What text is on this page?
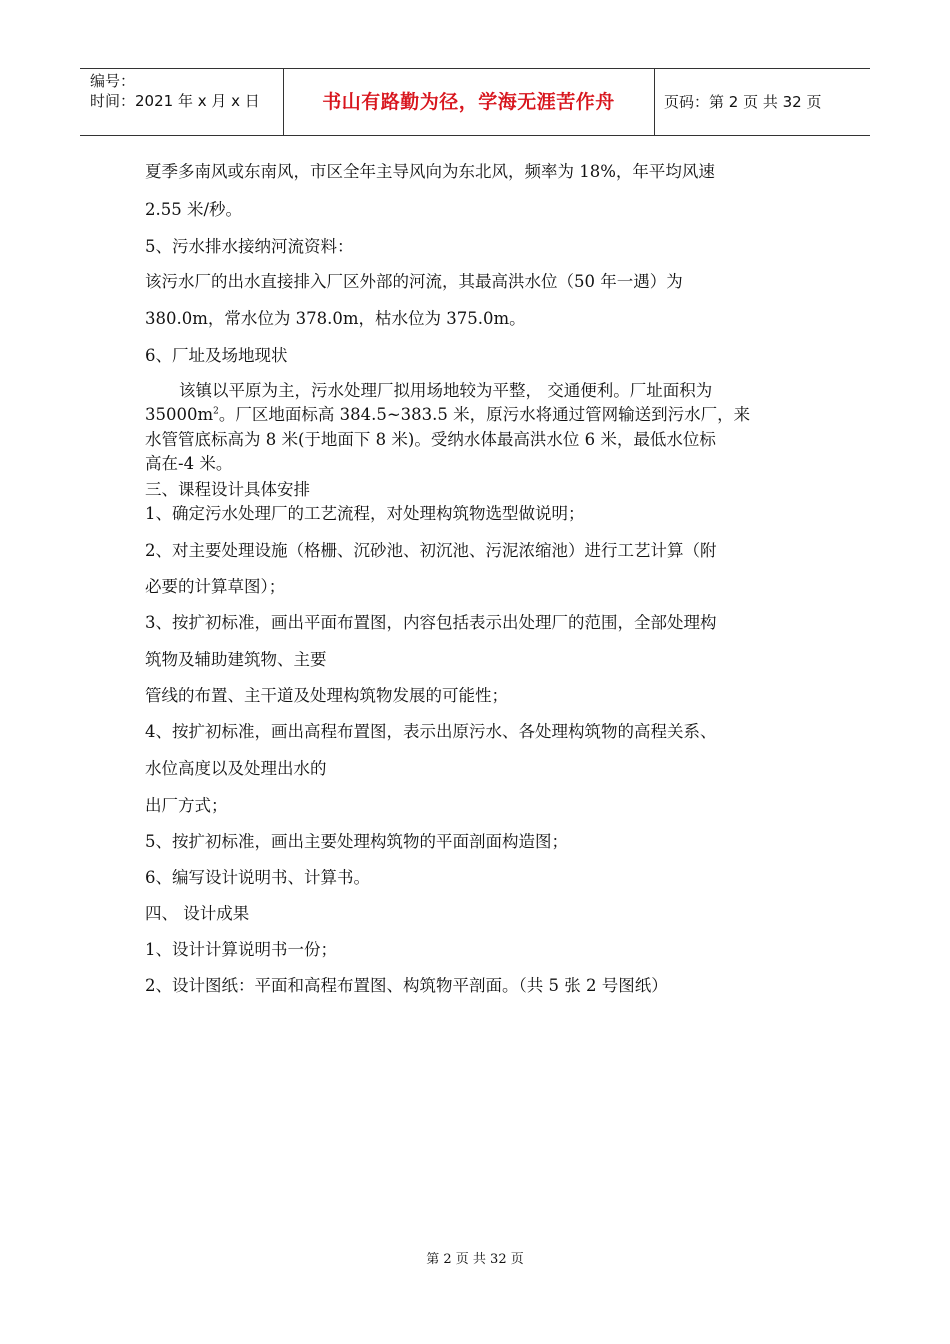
编号：
时间：2021 年 x 月 x 日	书山有路勤为径，学海无涯苦作舟	页码：第 2 页 共 32 页
夏季多南风或东南风，市区全年主导风向为东北风，频率为 18%，年平均风速
2.55 米/秒。
5、污水排水接纳河流资料：
该污水厂的出水直接排入厂区外部的河流，其最高洪水位（50 年一遇）为
380.0m，常水位为 378.0m，枯水位为 375.0m。
6、厂址及场地现状
该镇以平原为主，污水处理厂拟用场地较为平整， 交通便利。厂址面积为
$35000m^2$。厂区地面标高 384.5~383.5 米，原污水将通过管网输送到污水厂，来
水管管底标高为 8 米(于地面下 8 米)。受纳水体最高洪水位 6 米，最低水位标
高在-4 米。
三、课程设计具体安排
1、确定污水处理厂的工艺流程，对处理构筑物选型做说明；
2、对主要处理设施（格栅、沉砂池、初沉池、污泥浓缩池）进行工艺计算（附
必要的计算草图）；
3、按扩初标准，画出平面布置图，内容包括表示出处理厂的范围，全部处理构
筑物及辅助建筑物、主要
管线的布置、主干道及处理构筑物发展的可能性；
4、按扩初标准，画出高程布置图，表示出原污水、各处理构筑物的高程关系、
水位高度以及处理出水的
出厂方式；
5、按扩初标准，画出主要处理构筑物的平面剖面构造图；
6、编写设计说明书、计算书。
四、 设计成果
1、设计计算说明书一份；
2、设计图纸：平面和高程布置图、构筑物平剖面。（共 5 张 2 号图纸）
第 2 页 共 32 页
